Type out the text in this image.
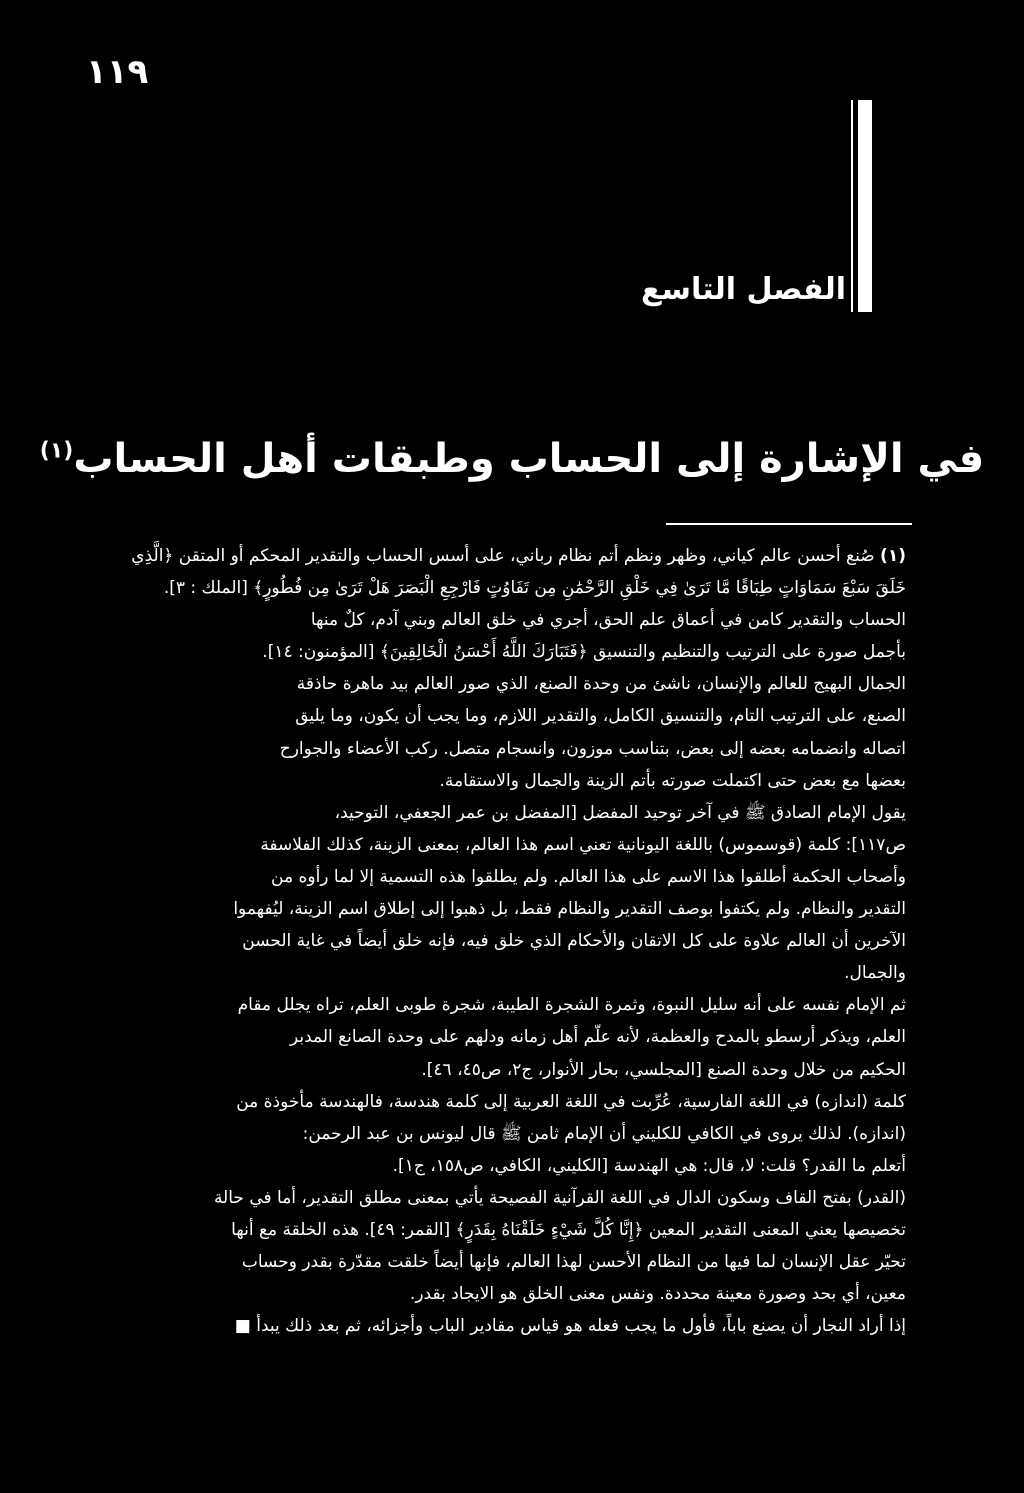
١١٩
الفصل التاسع
في الإشارة إلى الحساب وطبقات أهل الحساب$^{(١)}$

(١) صُنع أحسن عالم كياني، وظهر ونظم أتم نظام رباني، على أسس الحساب والتقدير المحكم أو المتقن ﴿الَّذِي

خَلَقَ سَبْعَ سَمَاوَاتٍ طِبَاقًا مَّا تَرَىٰ فِي خَلْقِ الرَّحْمَٰنِ مِن تَفَاوُتٍ فَارْجِعِ الْبَصَرَ هَلْ تَرَىٰ مِن فُطُورٍ﴾ [الملك : ٣].

الحساب والتقدير كامن في أعماق علم الحق، أجري في خلق العالم وبني آدم، كلٌ منها

بأجمل صورة على الترتيب والتنظيم والتنسيق ﴿فَتَبَارَكَ اللَّهُ أَحْسَنُ الْخَالِقِينَ﴾ [المؤمنون: ١٤].

الجمال البهيج للعالم والإنسان، ناشئ من وحدة الصنع، الذي صور العالم بيد ماهرة حاذقة

الصنع، على الترتيب التام، والتنسيق الكامل، والتقدير اللازم، وما يجب أن يكون، وما يليق

اتصاله وانضمامه بعضه إلى بعض، بتناسب موزون، وانسجام متصل. ركب الأعضاء والجوارح

بعضها مع بعض حتى اكتملت صورته بأتم الزينة والجمال والاستقامة.

يقول الإمام الصادق ﷺ في آخر توحيد المفضل [المفضل بن عمر الجعفي، التوحيد،

ص١١٧]: كلمة (قوسموس) باللغة اليونانية تعني اسم هذا العالم، بمعنى الزينة، كذلك الفلاسفة

وأصحاب الحكمة أطلقوا هذا الاسم على هذا العالم. ولم يطلقوا هذه التسمية إلا لما رأوه من

التقدير والنظام. ولم يكتفوا بوصف التقدير والنظام فقط، بل ذهبوا إلى إطلاق اسم الزينة، ليُفهموا

الآخرين أن العالم علاوة على كل الاتقان والأحكام الذي خلق فيه، فإنه خلق أيضاً في غاية الحسن

والجمال.

ثم الإمام نفسه على أنه سليل النبوة، وثمرة الشجرة الطيبة، شجرة طوبى العلم، تراه يجلل مقام

العلم، ويذكر أرسطو بالمدح والعظمة، لأنه علّم أهل زمانه ودلهم على وحدة الصانع المدبر

الحكيم من خلال وحدة الصنع [المجلسي، بحار الأنوار، ج٢، ص٤٥، ٤٦].

كلمة (اندازه) في اللغة الفارسية، عُرِّبت في اللغة العربية إلى كلمة هندسة، فالهندسة مأخوذة من

(اندازه). لذلك يروى في الكافي للكليني أن الإمام ثامن ﷺ قال ليونس بن عبد الرحمن:

أتعلم ما القدر؟ قلت: لا، قال: هي الهندسة [الكليني، الكافي، ص١٥٨، ج١].

(القدر) بفتح القاف وسكون الدال في اللغة القرآنية الفصيحة يأتي بمعنى مطلق التقدير، أما في حالة

تخصيصها يعني المعنى التقدير المعين ﴿إِنَّا كُلَّ شَيْءٍ خَلَقْنَاهُ بِقَدَرٍ﴾ [القمر: ٤٩]. هذه الخلقة مع أنها

تحيّر عقل الإنسان لما فيها من النظام الأحسن لهذا العالم، فإنها أيضاً خلقت مقدّرة بقدر وحساب

معين، أي بحد وصورة معينة محددة. ونفس معنى الخلق هو الايجاد بقدر.

إذا أراد النجار أن يصنع باباً، فأول ما يجب فعله هو قياس مقادير الباب وأجزائه، ثم بعد ذلك يبدأ ■
